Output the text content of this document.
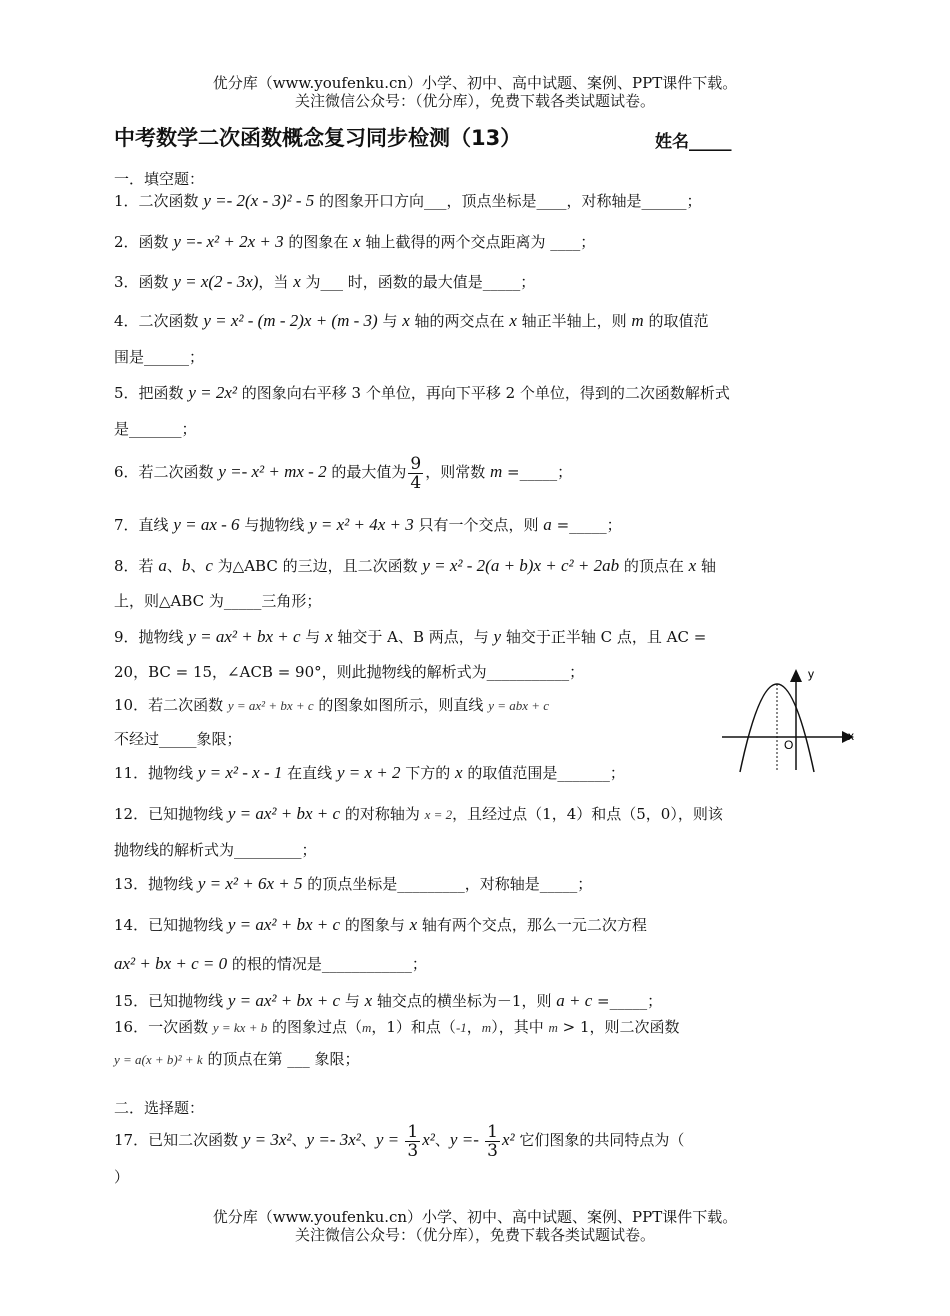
优分库（www.youfenku.cn）小学、初中、高中试题、案例、PPT课件下载。
关注微信公众号：（优分库），免费下载各类试题试卷。
中考数学二次函数概念复习同步检测（13）	姓名_____
一．填空题：
1．二次函数 y =- 2(x - 3)² - 5 的图象开口方向___，顶点坐标是____，对称轴是______；
2．函数 y =- x² + 2x + 3 的图象在 x 轴上截得的两个交点距离为 ____；
3．函数 y = x(2 - 3x)，当 x 为___ 时，函数的最大值是_____；
4．二次函数 y = x² - (m - 2)x + (m - 3) 与 x 轴的两交点在 x 轴正半轴上，则 m 的取值范
围是______；
5．把函数 y = 2x² 的图象向右平移 3 个单位，再向下平移 2 个单位，得到的二次函数解析式
是_______；
6．若二次函数 y =- x² + mx - 2 的最大值为 $\frac{9}{4}$ ，则常数 m =_____；
7．直线 y = ax - 6 与抛物线 y = x² + 4x + 3 只有一个交点，则 a =_____；
8．若 a、b、c 为△ABC 的三边，且二次函数 y = x² - 2(a + b)x + c² + 2ab 的顶点在 x 轴
上，则△ABC 为_____三角形；
9．抛物线 y = ax² + bx + c 与 x 轴交于 A、B 两点，与 y 轴交于正半轴 C 点，且 AC =
20，BC = 15，∠ACB = 90°，则此抛物线的解析式为___________；
10．若二次函数 y = ax² + bx + c 的图象如图所示，则直线 y = abx + c
不经过_____象限；	x
y
O
11．抛物线 y = x² - x - 1 在直线 y = x + 2 下方的 x 的取值范围是_______；
12．已知抛物线 y = ax² + bx + c 的对称轴为 x = 2，且经过点（1，4）和点（5，0），则该
抛物线的解析式为_________；
13．抛物线 y = x² + 6x + 5 的顶点坐标是_________，对称轴是_____；
14．已知抛物线 y = ax² + bx + c 的图象与 x 轴有两个交点，那么一元二次方程
ax² + bx + c = 0 的根的情况是____________；
15．已知抛物线 y = ax² + bx + c 与 x 轴交点的横坐标为－1，则 a + c =_____；
16．一次函数 y = kx + b 的图象过点（m，1）和点（-1，m），其中 m > 1，则二次函数
y = a(x + b)² + k 的顶点在第 ___ 象限；
二．选择题：
17．已知二次函数 y = 3x²、y =- 3x²、$y = \frac{1}{3} x^2$、$y =- \frac{1}{3} x^2$ 它们图象的共同特点为（
）
优分库（www.youfenku.cn）小学、初中、高中试题、案例、PPT课件下载。
关注微信公众号：（优分库），免费下载各类试题试卷。
